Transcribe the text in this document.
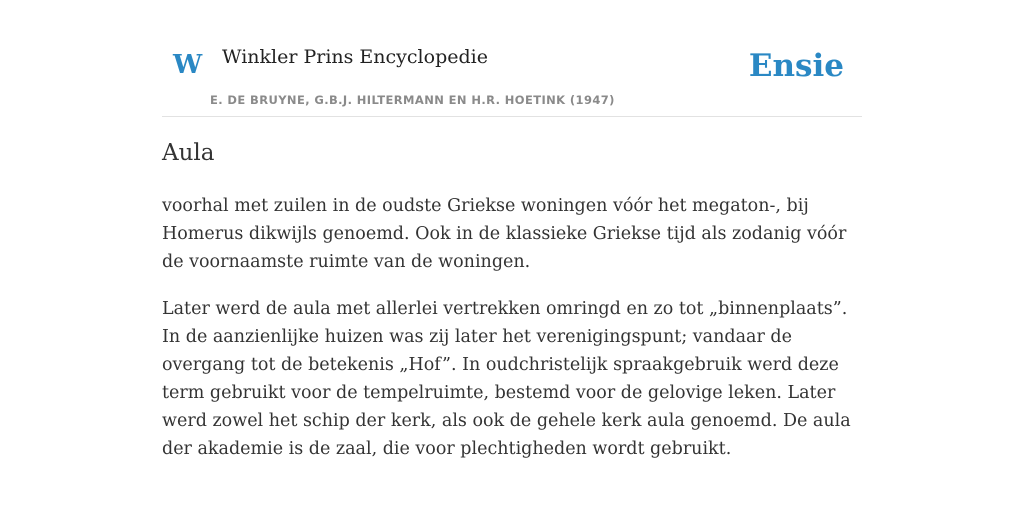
W Winkler Prins Encyclopedie
E. DE BRUYNE, G.B.J. HILTERMANN EN H.R. HOETINK (1947)
Ensie
Aula

voorhal met zuilen in de oudste Griekse woningen vóór het megaton-, bij Homerus dikwijls genoemd. Ook in de klassieke Griekse tijd als zodanig vóór de voornaamste ruimte van de woningen.

Later werd de aula met allerlei vertrekken omringd en zo tot „binnenplaats”. In de aanzienlijke huizen was zij later het verenigingspunt; vandaar de overgang tot de betekenis „Hof”. In oudchristelijk spraakgebruik werd deze term gebruikt voor de tempelruimte, bestemd voor de gelovige leken. Later werd zowel het schip der kerk, als ook de gehele kerk aula genoemd. De aula der akademie is de zaal, die voor plechtigheden wordt gebruikt.
